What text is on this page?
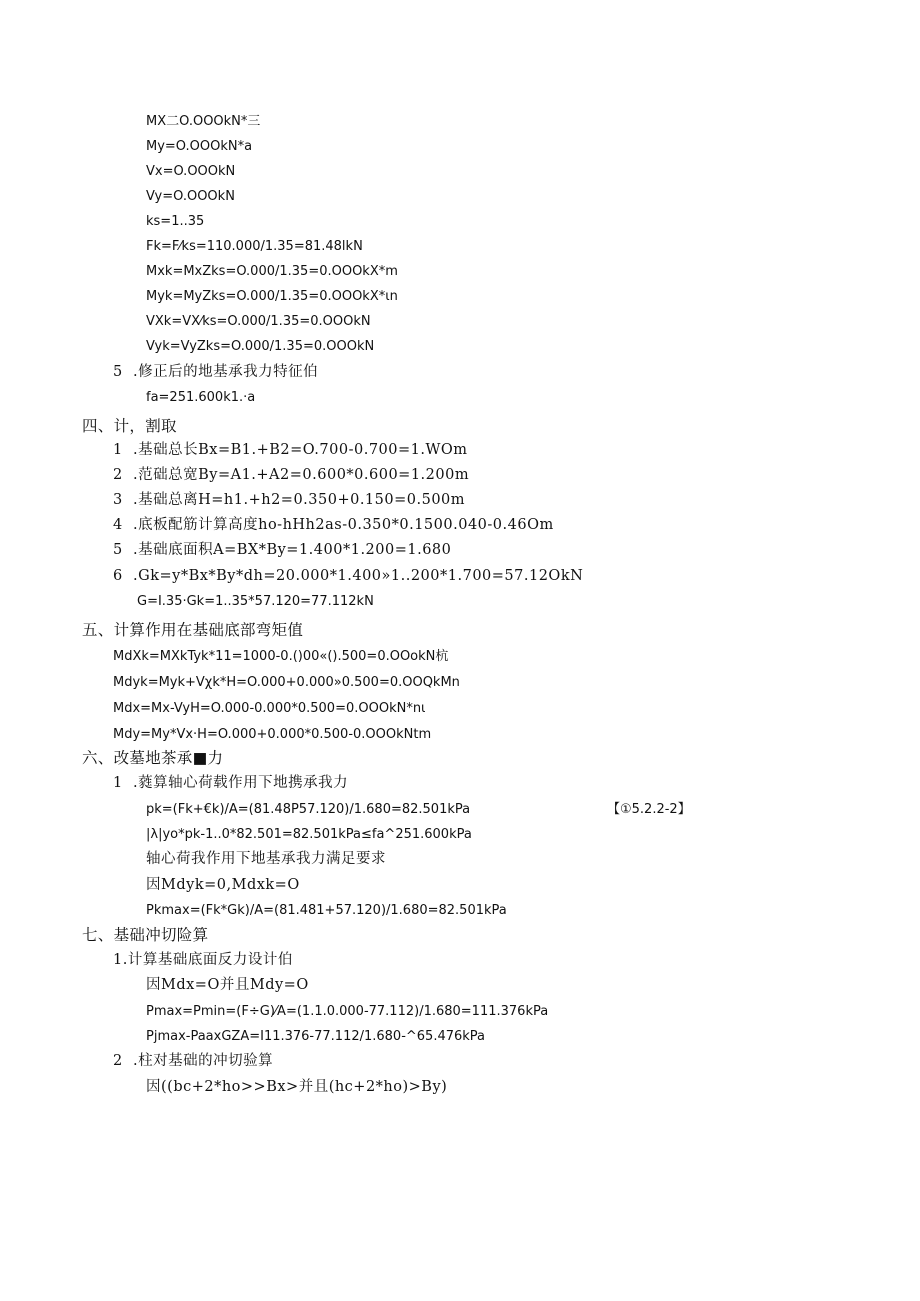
MX二O.OOOkN*三
My=O.OOOkN*a
Vx=O.OOOkN
Vy=O.OOOkN
ks=1..35
Fk=F⁄ks=110.000/1.35=81.48lkN
Mxk=MxZks=O.000/1.35=0.OOOkX*m
Myk=MyZks=O.000/1.35=0.OOOkX*ιn
VXk=VX⁄ks=O.000/1.35=0.OOOkN
Vyk=VyZks=O.000/1.35=0.OOOkN
5 .修正后的地基承我力特征伯
fa=251.600k1.·a
四、计，割取
1 .基础总长Bx=B1.+B2=O.700-0.700=1.WOm
2 .范础总宽By=A1.+A2=0.600*0.600=1.200m
3 .基础总离H=h1.+h2=0.350+0.150=0.500m
4 .底板配筋计算高度ho-hHh2as-0.350*0.1500.040-0.46Om
5 .基础底面积A=BX*By=1.400*1.200=1.680
6 .Gk=y*Bx*By*dh=20.000*1.400»1..200*1.700=57.12OkN
G=I.35·Gk=1..35*57.120=77.112kN
五、计算作用在基础底部弯矩值
MdXk=MXkTyk*11=1000-0.()00«().500=0.OOokN杭
Mdyk=Myk+Vχk*H=O.000+0.000»0.500=0.OOQkMn
Mdx=Mx-VyH=O.000-0.000*0.500=0.OOOkN*nι
Mdy=My*Vx·H=O.000+0.000*0.500-0.OOOkNtm
六、改墓地茶承■力
1 .蕤算轴心荷载作用下地携承我力
pk=(Fk+€k)/A=(81.48P57.120)/1.680=82.501kPa	【①5.2.2-2】
|λ|yo*pk-1..0*82.501=82.501kPa≤fa^251.600kPa
轴心荷我作用下地基承我力满足要求
因Mdyk=0,Mdxk=O
Pkmax=(Fk*Gk)/A=(81.481+57.120)/1.680=82.501kPa
七、基础冲切险算
1.计算基础底面反力设计伯
因Mdx=O并且Mdy=O
Pmax=Pmin=(F÷G)⁄A=(1.1.0.000-77.112)/1.680=111.376kPa
Pjmax-PaaxGZA=I11.376-77.112/1.680-^65.476kPa
2 .柱对基础的冲切验算
因((bc+2*ho>>Bx>并且(hc+2*ho)>By)
